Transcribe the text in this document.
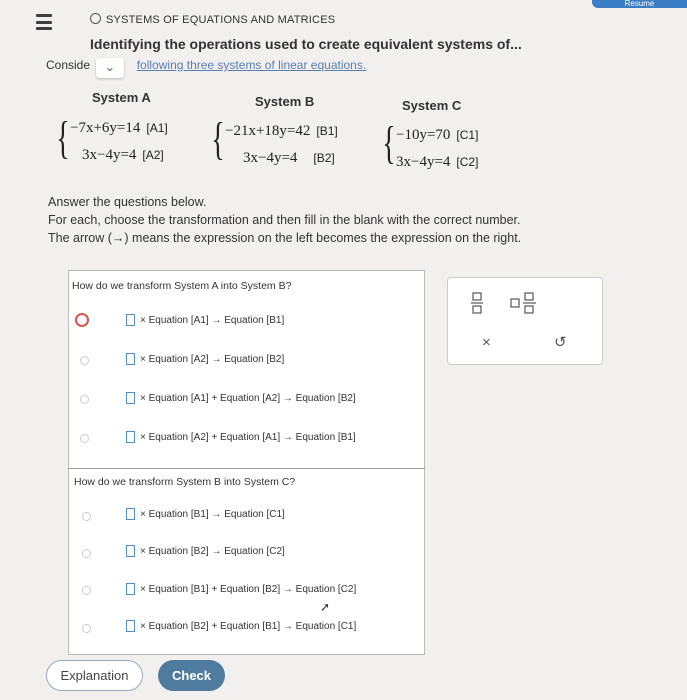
Resume
SYSTEMS OF EQUATIONS AND MATRICES
Identifying the operations used to create equivalent systems of...
Conside	following three systems of linear equations.
⌄
System A
{ −7x+6y=14 [A1]
3x−4y=4 [A2]
System B
{ −21x+18y=42 [B1]
3x−4y=4 [B2]
System C
{ −10y=70 [C1]
3x−4y=4 [C2]
Answer the questions below.
For each, choose the transformation and then fill in the blank with the correct number.
The arrow (→) means the expression on the left becomes the expression on the right.
How do we transform System A into System B?
× Equation [A1] → Equation [B1]
× Equation [A2] → Equation [B2]
× Equation [A1] + Equation [A2] → Equation [B2]
× Equation [A2] + Equation [A1] → Equation [B1]
How do we transform System B into System C?
× Equation [B1] → Equation [C1]
× Equation [B2] → Equation [C2]
× Equation [B1] + Equation [B2] → Equation [C2]
× Equation [B2] + Equation [B1] → Equation [C1]
➚
×	↺
Explanation	Check
